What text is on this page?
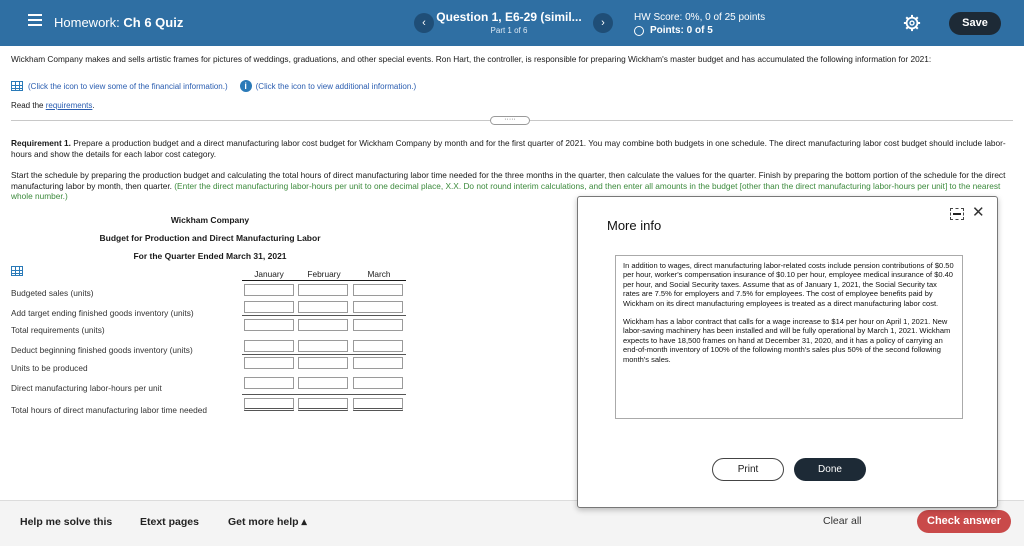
Homework: Ch 6 Quiz	‹ Question 1, E6-29 (simil...
Part 1 of 6
›	HW Score: 0%, 0 of 25 points
Points: 0 of 5
Save
Wickham Company makes and sells artistic frames for pictures of weddings, graduations, and other special events. Ron Hart, the controller, is responsible for preparing Wickham's master budget and has accumulated the following information for 2021:
(Click the icon to view some of the financial information.)	i	(Click the icon to view additional information.)
Read the requirements.
·····
Requirement 1. Prepare a production budget and a direct manufacturing labor cost budget for Wickham Company by month and for the first quarter of 2021. You may combine both budgets in one schedule. The direct manufacturing labor cost budget should include labor-hours and show the details for each labor cost category.
Start the schedule by preparing the production budget and calculating the total hours of direct manufacturing labor time needed for the three months in the quarter, then calculate the values for the quarter. Finish by preparing the bottom portion of the schedule for the direct manufacturing labor by month, then quarter. (Enter the direct manufacturing labor-hours per unit to one decimal place, X.X. Do not round interim calculations, and then enter all amounts in the budget [other than the direct manufacturing labor-hours per unit] to the nearest whole number.)
Wickham Company
Budget for Production and Direct Manufacturing Labor
For the Quarter Ended March 31, 2021
January	February	March
Budgeted sales (units)
Add target ending finished goods inventory (units)
Total requirements (units)
Deduct beginning finished goods inventory (units)
Units to be produced
Direct manufacturing labor-hours per unit
Total hours of direct manufacturing labor time needed
Help me solve this	Etext pages	Get more help ▴	Clear all	Check answer
More info
✕

In addition to wages, direct manufacturing labor-related costs include pension contributions of $0.50 per hour, worker's compensation insurance of $0.10 per hour, employee medical insurance of $0.40 per hour, and Social Security taxes. Assume that as of January 1, 2021, the Social Security tax rates are 7.5% for employers and 7.5% for employees. The cost of employee benefits paid by Wickham on its direct manufacturing employees is treated as a direct manufacturing labor cost.

Wickham has a labor contract that calls for a wage increase to $14 per hour on April 1, 2021. New labor-saving machinery has been installed and will be fully operational by March 1, 2021. Wickham expects to have 18,500 frames on hand at December 31, 2020, and it has a policy of carrying an end-of-month inventory of 100% of the following month's sales plus 50% of the second following month's sales.

Print	Done
